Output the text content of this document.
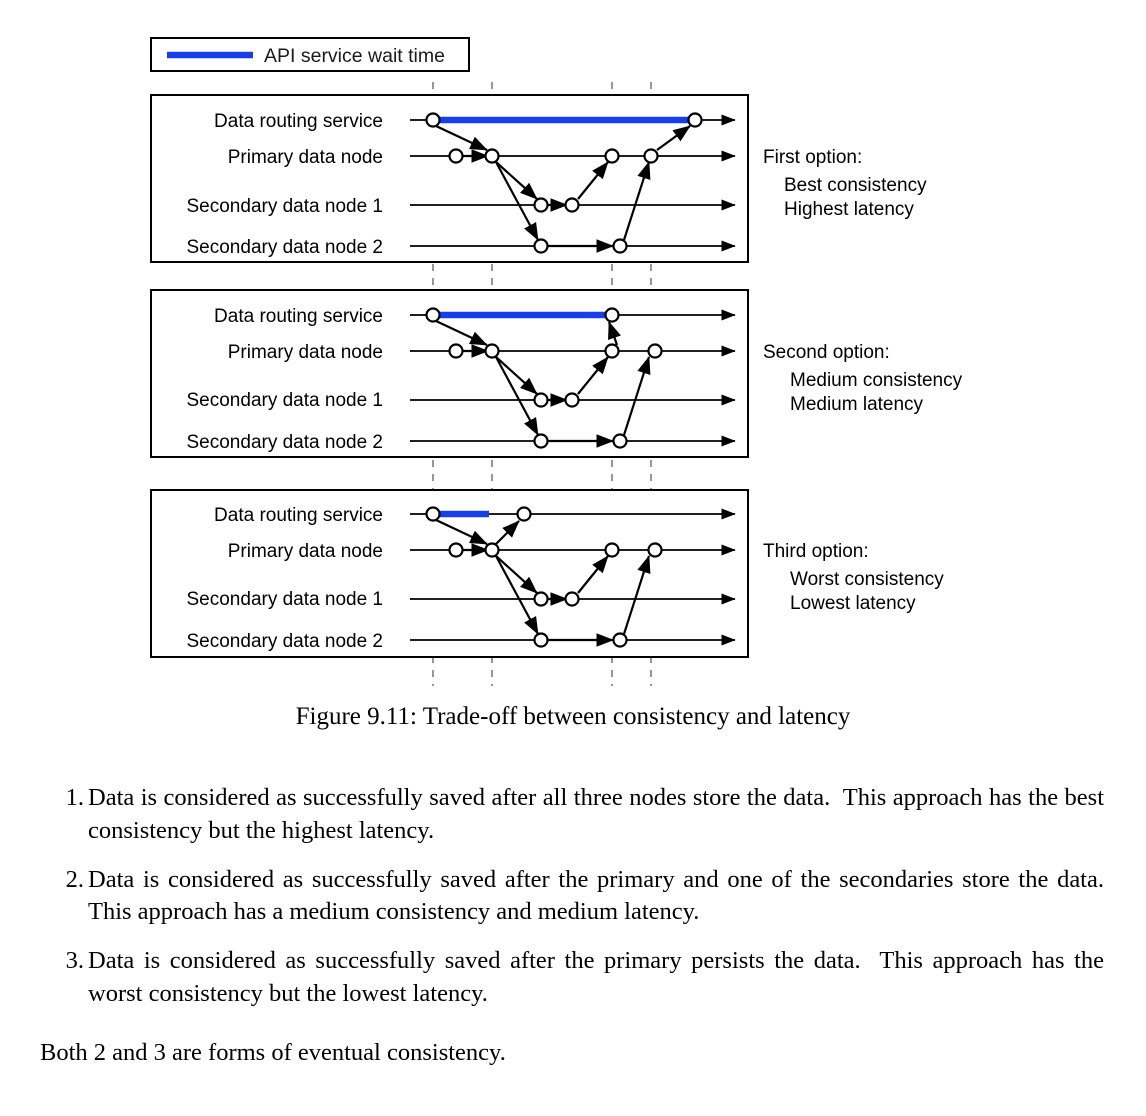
API service wait time
Data routing service
Primary data node
Secondary data node 1
Secondary data node 2
First option:
Best consistency
Highest latency
Data routing service
Primary data node
Secondary data node 1
Secondary data node 2
Second option:
Medium consistency
Medium latency
Data routing service
Primary data node
Secondary data node 1
Secondary data node 2
Third option:
Worst consistency
Lowest latency
Figure 9.11: Trade-off between consistency and latency
1. Data is considered as successfully saved after all three nodes store the data.  This approach has the best consistency but the highest latency.
2. Data is considered as successfully saved after the primary and one of the secondaries store the data. This approach has a medium consistency and medium latency.
3. Data is considered as successfully saved after the primary persists the data.  This approach has the worst consistency but the lowest latency.

Both 2 and 3 are forms of eventual consistency.
